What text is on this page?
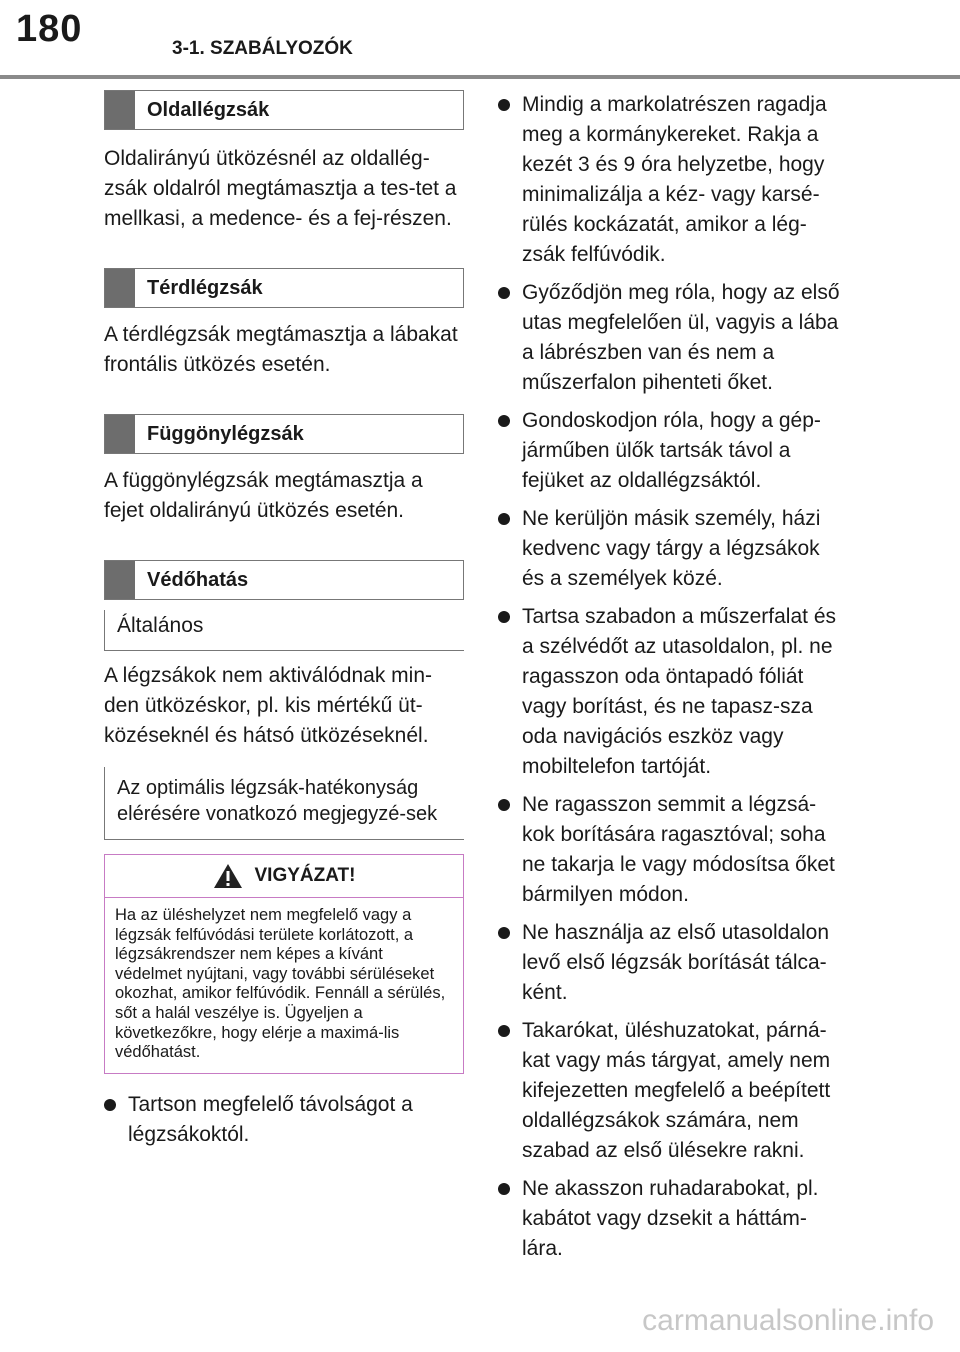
180	3-1. SZABÁLYOZÓK
Oldallégzsák

Oldalirányú ütközésnél az oldallég-zsák oldalról megtámasztja a tes-tet a mellkasi, a medence- és a fej-részen.

Térdlégzsák

A térdlégzsák megtámasztja a lábakat frontális ütközés esetén.

Függönylégzsák

A függönylégzsák megtámasztja a fejet oldalirányú ütközés esetén.

Védőhatás

Általános

A légzsákok nem aktiválódnak min-den ütközéskor, pl. kis mértékű üt-közéseknél és hátsó ütközéseknél.

Az optimális légzsák-hatékonyság elérésére vonatkozó megjegyzé-sek
VIGYÁZAT!
Ha az üléshelyzet nem megfelelő vagy a légzsák felfúvódási területe korlátozott, a légzsákrendszer nem képes a kívánt védelmet nyújtani, vagy további sérüléseket okozhat, amikor felfúvódik. Fennáll a sérülés, sőt a halál veszélye is. Ügyeljen a következőkre, hogy elérje a maximá-lis védőhatást.
Tartson megfelelő távolságot a légzsákoktól.
Mindig a markolatrészen ragadja meg a kormánykereket. Rakja a kezét 3 és 9 óra helyzetbe, hogy minimalizálja a kéz- vagy karsé-rülés kockázatát, amikor a lég-zsák felfúvódik.
Győződjön meg róla, hogy az első utas megfelelően ül, vagyis a lába a lábrészben van és nem a műszerfalon pihenteti őket.
Gondoskodjon róla, hogy a gép-járműben ülők tartsák távol a fejüket az oldallégzsáktól.
Ne kerüljön másik személy, házi kedvenc vagy tárgy a légzsákok és a személyek közé.
Tartsa szabadon a műszerfalat és a szélvédőt az utasoldalon, pl. ne ragasszon oda öntapadó fóliát vagy borítást, és ne tapasz-sza oda navigációs eszköz vagy mobiltelefon tartóját.
Ne ragasszon semmit a légzsá-kok borítására ragasztóval; soha ne takarja le vagy módosítsa őket bármilyen módon.
Ne használja az első utasoldalon levő első légzsák borítását tálca-ként.
Takarókat, üléshuzatokat, párná-kat vagy más tárgyat, amely nem kifejezetten megfelelő a beépített oldallégzsákok számára, nem szabad az első ülésekre rakni.
Ne akasszon ruhadarabokat, pl. kabátot vagy dzsekit a háttám-lára.
carmanualsonline.info
